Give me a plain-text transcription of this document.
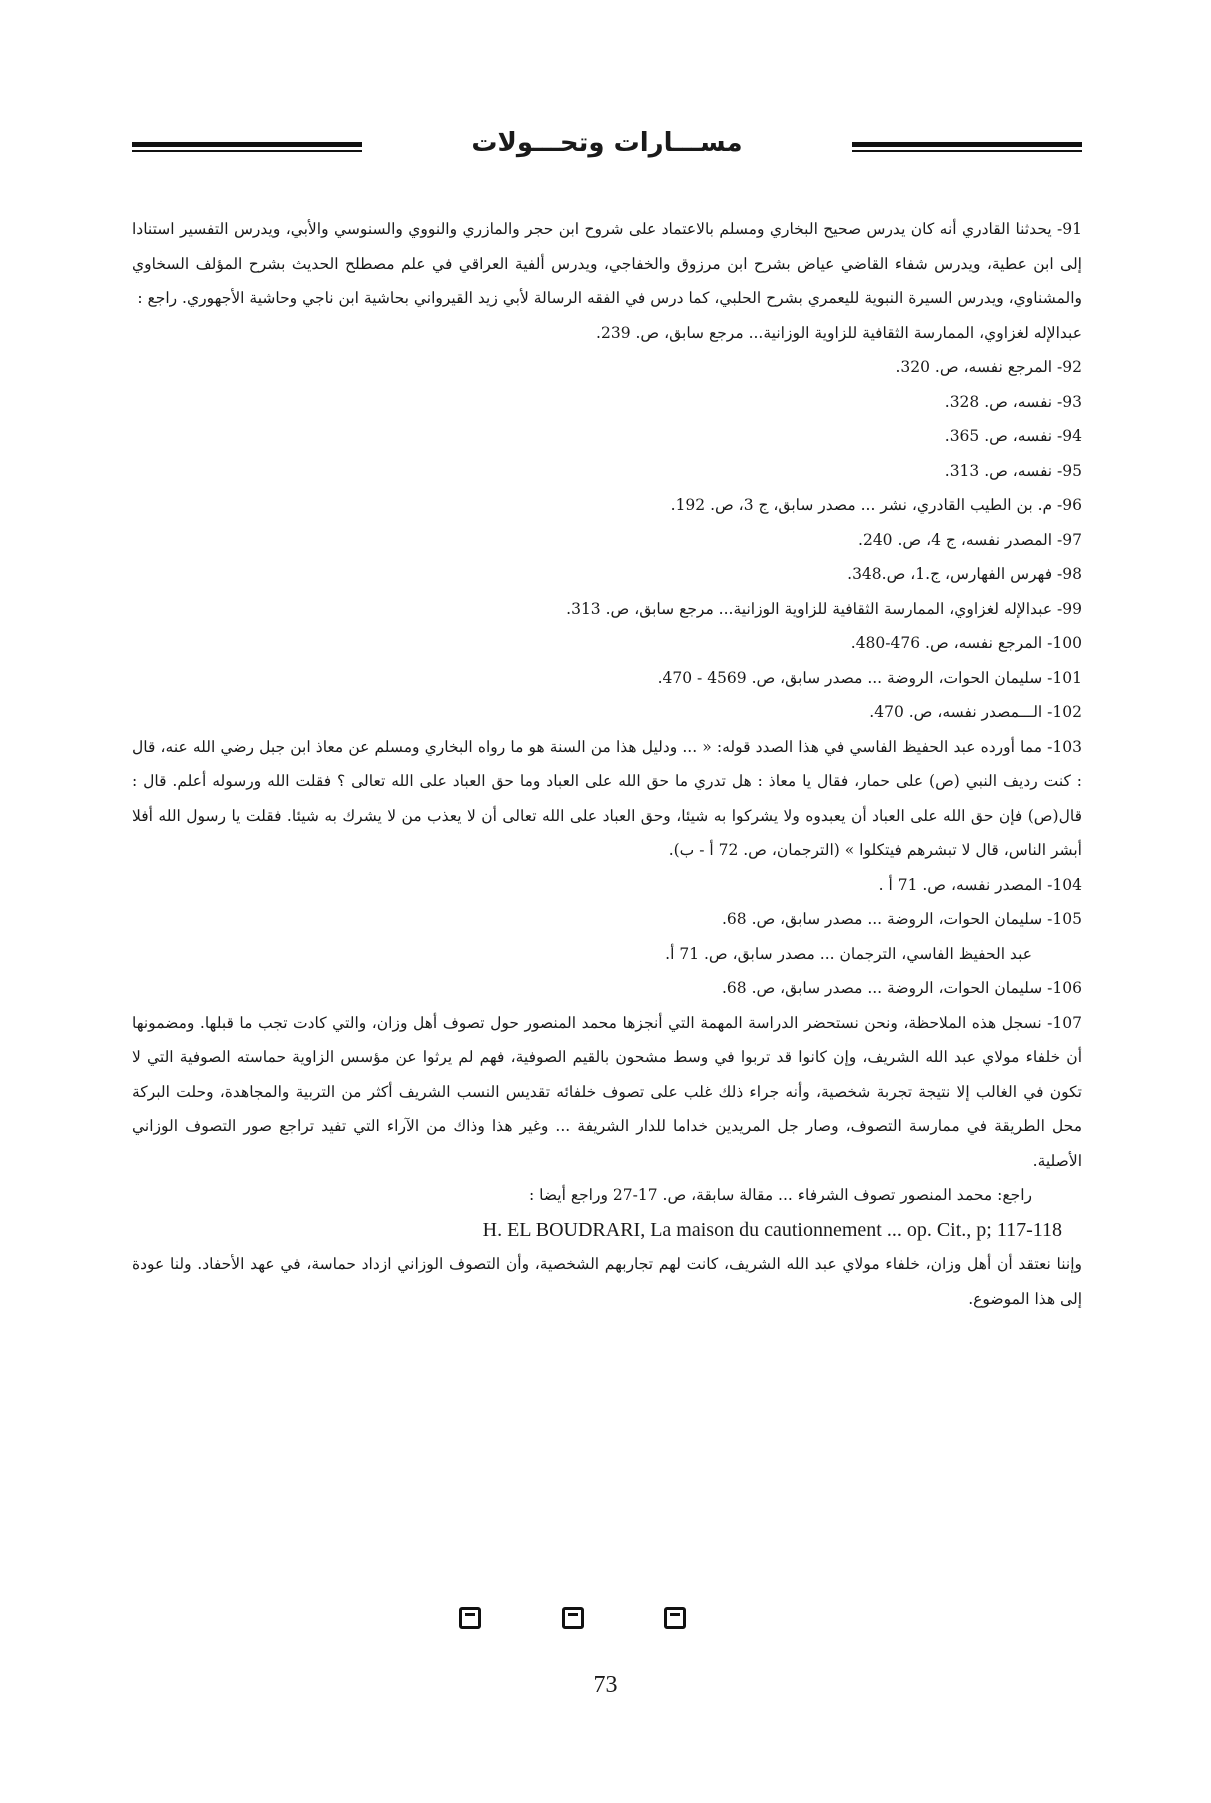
مســـارات وتحـــولات

91- يحدثنا القادري أنه كان يدرس صحيح البخاري ومسلم بالاعتماد على شروح ابن حجر والمازري والنووي والسنوسي والأبي، ويدرس التفسير استنادا إلى ابن عطية، ويدرس شفاء القاضي عياض بشرح ابن مرزوق والخفاجي، ويدرس ألفية العراقي في علم مصطلح الحديث بشرح المؤلف السخاوي والمشناوي، ويدرس السيرة النبوية لليعمري بشرح الحلبي، كما درس في الفقه الرسالة لأبي زيد القيرواني بحاشية ابن ناجي وحاشية الأجهوري. راجع :

عبدالإله لغزاوي، الممارسة الثقافية للزاوية الوزانية... مرجع سابق، ص. 239.

92- المرجع نفسه، ص. 320.

93- نفسه، ص. 328.

94- نفسه، ص. 365.

95- نفسه، ص. 313.

96- م. بن الطيب القادري، نشر ... مصدر سابق، ج 3، ص. 192.

97- المصدر نفسه، ج 4، ص. 240.

98- فهرس الفهارس، ج.1، ص.348.

99- عبدالإله لغزاوي، الممارسة الثقافية للزاوية الوزانية... مرجع سابق، ص. 313.

100- المرجع نفسه، ص. 476-480.

101- سليمان الحوات، الروضة ... مصدر سابق، ص. 4569 - 470.

102- الـــمصدر نفسه، ص. 470.

103- مما أورده عبد الحفيظ الفاسي في هذا الصدد قوله: « ... ودليل هذا من السنة هو ما رواه البخاري ومسلم عن معاذ ابن جبل رضي الله عنه، قال : كنت رديف النبي (ص) على حمار، فقال يا معاذ : هل تدري ما حق الله على العباد وما حق العباد على الله تعالى ؟ فقلت الله ورسوله أعلم. قال : قال(ص) فإن حق الله على العباد أن يعبدوه ولا يشركوا به شيئا، وحق العباد على الله تعالى أن لا يعذب من لا يشرك به شيئا. فقلت يا رسول الله أفلا أبشر الناس، قال لا تبشرهم فيتكلوا » (الترجمان، ص. 72 أ - ب).

104- المصدر نفسه، ص. 71 أ .

105- سليمان الحوات، الروضة ... مصدر سابق، ص. 68.

عبد الحفيظ الفاسي، الترجمان ... مصدر سابق، ص. 71 أ.

106- سليمان الحوات، الروضة ... مصدر سابق، ص. 68.

107- نسجل هذه الملاحظة، ونحن نستحضر الدراسة المهمة التي أنجزها محمد المنصور حول تصوف أهل وزان، والتي كادت تجب ما قبلها. ومضمونها أن خلفاء مولاي عبد الله الشريف، وإن كانوا قد تربوا في وسط مشحون بالقيم الصوفية، فهم لم يرثوا عن مؤسس الزاوية حماسته الصوفية التي لا تكون في الغالب إلا نتيجة تجربة شخصية، وأنه جراء ذلك غلب على تصوف خلفائه تقديس النسب الشريف أكثر من التربية والمجاهدة، وحلت البركة محل الطريقة في ممارسة التصوف، وصار جل المريدين خداما للدار الشريفة ... وغير هذا وذاك من الآراء التي تفيد تراجع صور التصوف الوزاني الأصلية.

راجع: محمد المنصور تصوف الشرفاء ... مقالة سابقة، ص. 17-27 وراجع أيضا :

H. EL BOUDRARI, La maison du cautionnement ... op. Cit., p; 117-118

وإننا نعتقد أن أهل وزان، خلفاء مولاي عبد الله الشريف، كانت لهم تجاربهم الشخصية، وأن التصوف الوزاني ازداد حماسة، في عهد الأحفاد. ولنا عودة إلى هذا الموضوع.

73
